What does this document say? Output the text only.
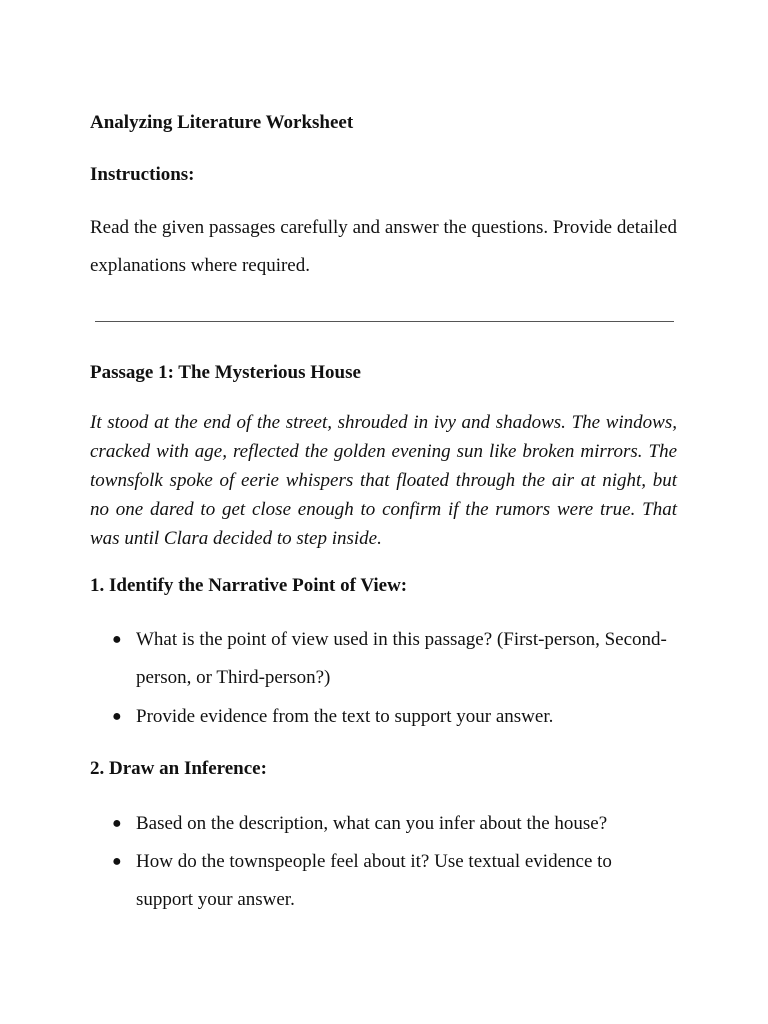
Analyzing Literature Worksheet
Instructions:

Read the given passages carefully and answer the questions. Provide detailed explanations where required.

Passage 1: The Mysterious House

It stood at the end of the street, shrouded in ivy and shadows. The windows, cracked with age, reflected the golden evening sun like broken mirrors. The townsfolk spoke of eerie whispers that floated through the air at night, but no one dared to get close enough to confirm if the rumors were true. That was until Clara decided to step inside.

1. Identify the Narrative Point of View:
● What is the point of view used in this passage? (First-person, Second-person, or Third-person?)
● Provide evidence from the text to support your answer.
2. Draw an Inference:
● Based on the description, what can you infer about the house?
● How do the townspeople feel about it? Use textual evidence to support your answer.
